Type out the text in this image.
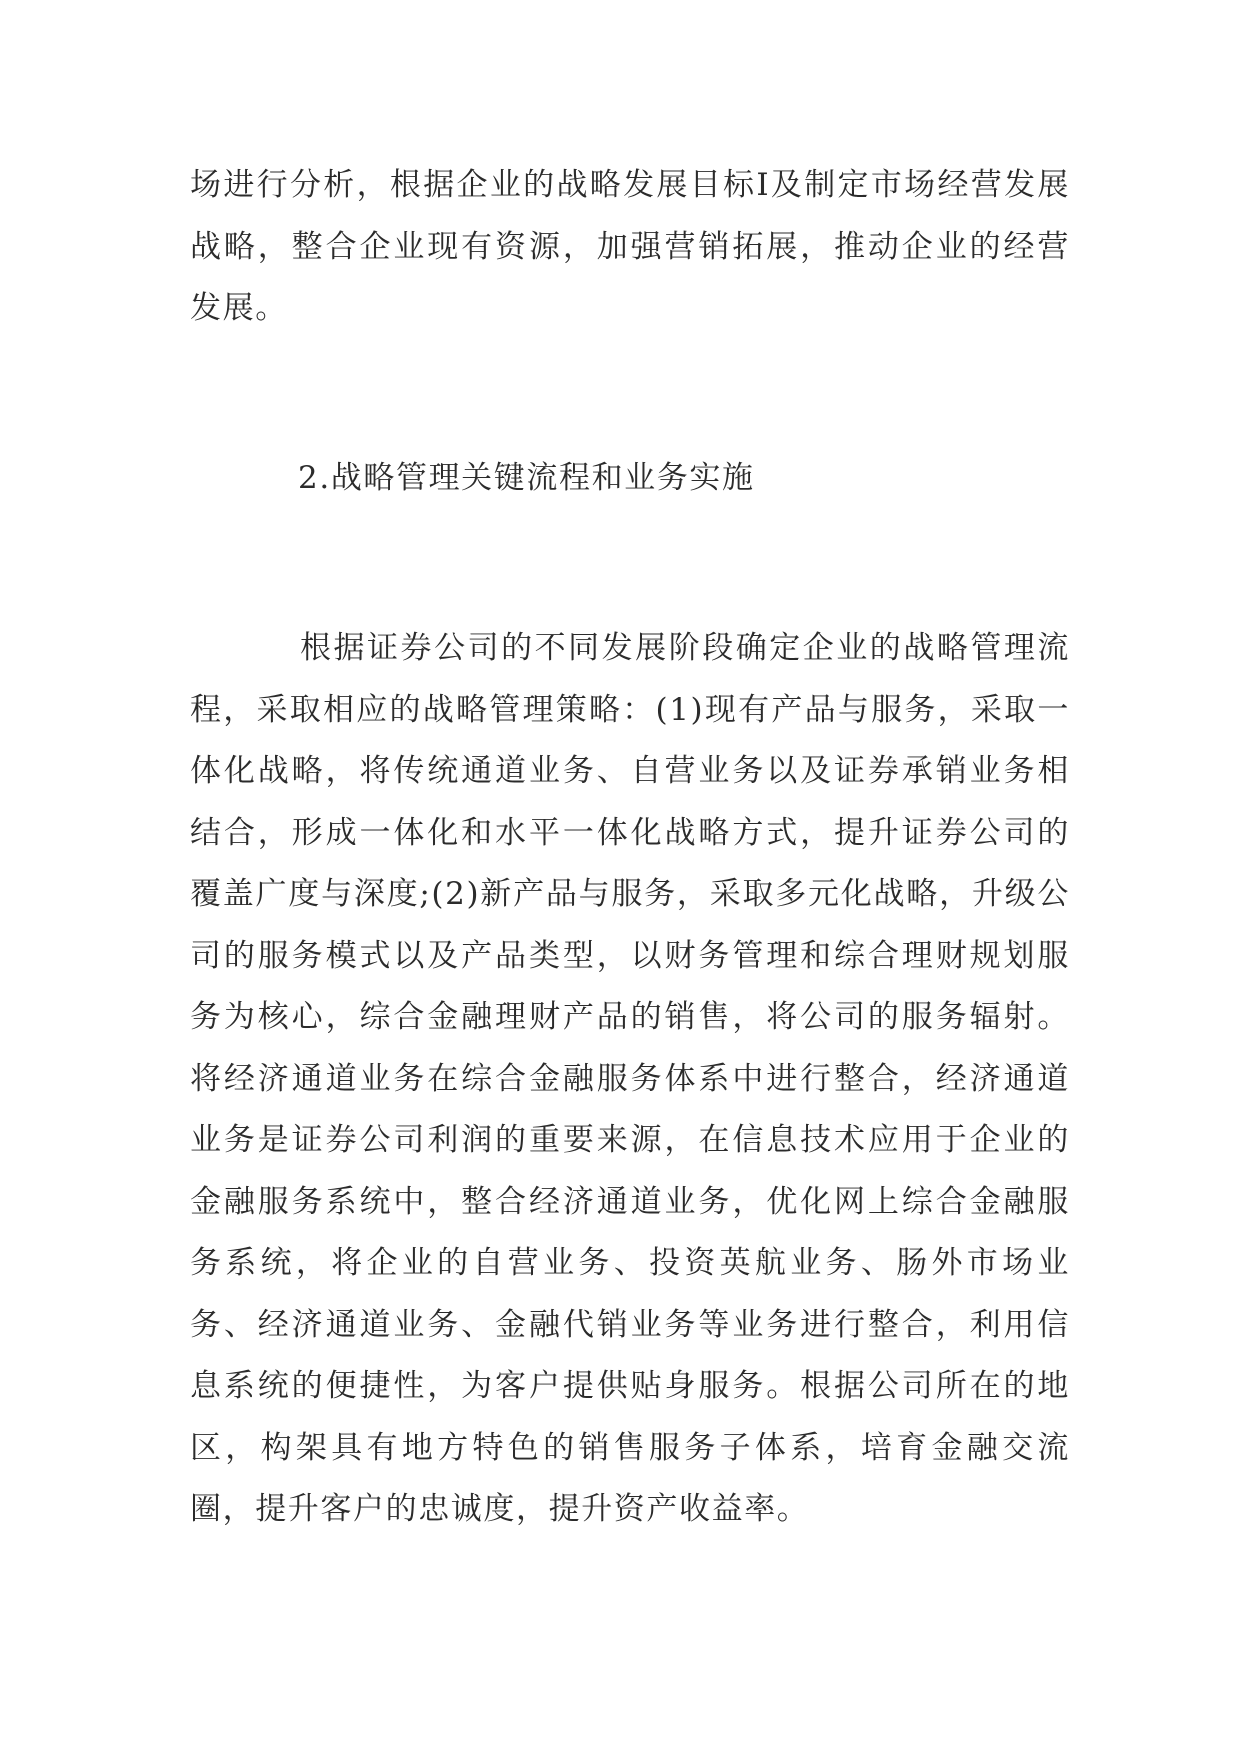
场进行分析，根据企业的战略发展目标Ⅰ及制定市场经营发展战略，整合企业现有资源，加强营销拓展，推动企业的经营发展。

2.战略管理关键流程和业务实施

根据证券公司的不同发展阶段确定企业的战略管理流程，采取相应的战略管理策略：(1)现有产品与服务，采取一体化战略，将传统通道业务、自营业务以及证券承销业务相结合，形成一体化和水平一体化战略方式，提升证券公司的覆盖广度与深度;(2)新产品与服务，采取多元化战略，升级公司的服务模式以及产品类型，以财务管理和综合理财规划服务为核心，综合金融理财产品的销售，将公司的服务辐射。将经济通道业务在综合金融服务体系中进行整合，经济通道业务是证券公司利润的重要来源，在信息技术应用于企业的金融服务系统中，整合经济通道业务，优化网上综合金融服务系统，将企业的自营业务、投资英航业务、肠外市场业务、经济通道业务、金融代销业务等业务进行整合，利用信息系统的便捷性，为客户提供贴身服务。根据公司所在的地区，构架具有地方特色的销售服务子体系，培育金融交流圈，提升客户的忠诚度，提升资产收益率。
